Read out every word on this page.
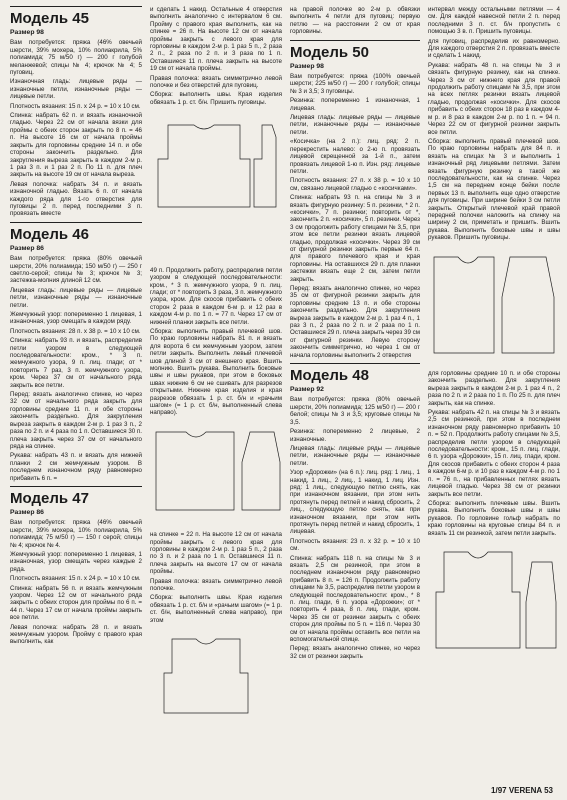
Модель 45
Размер 98

Вам потребуется: пряжа (46% овечьей шерсти, 39% мохера, 10% полиакрила, 5% полиамида; 75 м/50 г) — 200 г голубой меланжевой; спицы № 4; крючок № 4; 5 пуговиц.

Изнаночная гладь: лицевые ряды — изнаночные петли, изнаночные ряды — лицевые петли.

Плотность вязания: 15 п. х 24 р. = 10 х 10 см.

Спинка: набрать 62 п. и вязать изнаночной гладью. Через 22 см от начала вязки для проймы с обеих сторон закрыть по 8 п. = 46 п. На высоте 16 см от начала проймы закрыть для горловины средние 14 п. и обе стороны закончить раздельно. Для закругления выреза закрыть в каждом 2-м р. 1 раз 3 п. и 1 раз 2 п. По 11 п. для плеч закрыть на высоте 19 см от начала выреза.

Левая полочка: набрать 34 п. и вязать изнаночной гладью. Вязать 6 п. от начала каждого ряда для 1-го отверстия для пуговицы 2 п. перед последними 3 п. провязать вместе

Модель 46
Размер 86

Вам потребуется: пряжа (80% овечьей шерсти, 20% полиамида; 150 м/50 г) — 250 г светло-серой; спицы № 3; крючок № 3; застежка-молния длиной 12 см.

Лицевая гладь: лицевые ряды — лицевые петли, изнаночные ряды — изнаночные петли.

Жемчужный узор: попеременно 1 лицевая, 1 изнаночная, узор смещать в каждом ряду.

Плотность вязания: 28 п. х 38 р. = 10 х 10 см.

Спинка: набрать 93 п. и вязать, распределив петли узором в следующей последовательности: кром., * 3 п. жемчужного узора, 9 п. лиц. глади; от * повторить 7 раз, 3 п. жемчужного узора, кром. Через 37 см от начального ряда закрыть все петли.

Перед: вязать аналогично спинке, но через 32 см от начального ряда закрыть для горловины средние 11 п. и обе стороны закончить раздельно. Для закругления выреза закрыть в каждом 2-м р. 1 раз 3 п., 2 раза по 2 п. и 4 раза по 1 п. Оставшиеся 30 п. плеча закрыть через 37 см от начального ряда на спинке.

Рукава: набрать 43 п. и вязать для нижней планки 2 см жемчужным узором. В последнем изнаночном ряду равномерно прибавить 6 п. =

Модель 47
Размер 86

Вам потребуется: пряжа (46% овечьей шерсти, 39% мохера, 10% полиакрила, 5% полиамида; 75 м/50 г) — 150 г серой; спицы № 4; крючок № 4.

Жемчужный узор: попеременно 1 лицевая, 1 изнаночная, узор смещать через каждые 2 ряда.

Плотность вязания: 15 п. х 24 р. = 10 х 10 см.

Спинка: набрать 56 п. и вязать жемчужным узором. Через 12 см от начального ряда закрыть с обеих сторон для проймы по 6 п. = 44 п. Через 17 см от начала проймы закрыть все петли.

Левая полочка: набрать 28 п. и вязать жемчужным узором. Пройму с правого края выполнить, как

и сделать 1 накид. Остальные 4 отверстия выполнить аналогично с интервалом 6 см. Пройму с правого края выполнить, как на спинке = 26 п. На высоте 12 см от начала проймы закрыть с левого края для горловины в каждом 2-м р. 1 раз 5 п., 2 раза 2 п., 2 раза по 2 п. и 3 раза по 1 п. Оставшиеся 11 п. плеча закрыть на высоте 19 см от начала проймы.

Правая полочка: вязать симметрично левой полочке и без отверстий для пуговиц.

Сборка: выполнить швы. Края изделия обвязать 1 р. ст. б/н. Пришить пуговицы.

49 п. Продолжить работу, распределив петли узором в следующей последовательности: кром., * 3 п. жемчужного узора, 9 п. лиц. глади; от * повторить 3 раза, 3 п. жемчужного узора, кром. Для скосов прибавить с обеих сторон 2 раза в каждом 6-м р. и 12 раз в каждом 4-м р. по 1 п. = 77 п. Через 17 см от нижней планки закрыть все петли.

Сборка: выполнить правый плечевой шов. По краю горловины набрать 81 п. и вязать для ворота 6 см жемчужным узором, затем петли закрыть. Выполнить левый плечевой шов длиной 3 см от внешнего края. Вшить молнию. Вшить рукава. Выполнить боковые швы и швы рукавов, при этом в боковых швах нижние 6 см не сшивать для разрезов открытыми. Нижние края изделия и края разрезов обвязать 1 р. ст. б/н и «рачьим шагом» (= 1 р. ст. б/н, выполненный слева направо).

на спинке = 22 п. На высоте 12 см от начала проймы закрыть с левого края для горловины в каждом 2-м р. 1 раз 5 п., 2 раза по 3 п. и 2 раза по 1 п. Оставшиеся 11 п. плеча закрыть на высоте 17 см от начала проймы.

Правая полочка: вязать симметрично левой полочке.

Сборка: выполнить швы. Края изделия обвязать 1 р. ст. б/н и «рачьим шагом» (= 1 р. ст. б/н, выполненный слева направо), при этом

на правой полочке во 2-м р. обвязки выполнить 4 петли для пуговиц: первую петлю — на расстоянии 2 см от края горловины.

Модель 50
Размер 98

Вам потребуется: пряжа (100% овечьей шерсти; 225 м/50 г) — 200 г голубой; спицы № 3 и 3,5; 3 пуговицы.

Резинка: попеременно 1 изнаночная, 1 лицевая.

Лицевая гладь: лицевые ряды — лицевые петли, изнаночные ряды — изнаночные петли.

«Косичка» (на 2 п.): лиц. ряд: 2 п. перекрестить налево: о 2-ю п. провязать лицевой скрещенной за 1-й п., затем провязать лицевой 1-ю п. Изн. ряд: лицевые петли.

Плотность вязания: 27 п. х 38 р. = 10 х 10 см, связано лицевой гладью с «косичками».

Спинка: набрать 93 п. на спицы № 3 и вязать фигурную резинку: 5 п. резинки, * 2 п. «косички», 7 п. резинки; повторить от *, закончить 2 п. «косички», 5 п. резинки. Через 3 см продолжить работу спицами № 3,5, при этом все петли резинки вязать лицевой гладью, продолжая «косички». Через 39 см от фигурной резинки закрыть первые 64 п. для правого плечевого края и края горловины. На оставшихся 29 п. для планки застежки вязать еще 2 см, затем петли закрыть.

Перед: вязать аналогично спинке, но через 35 см от фигурной резинки закрыть для горловины средние 13 п. и обе стороны закончить раздельно. Для закругления выреза закрыть в каждом 2-м р. 1 раз 4 п., 1 раз 3 п., 2 раза по 2 п. и 2 раза по 1 п. Оставшиеся 29 п. плеча закрыть через 39 см от фигурной резинки. Левую сторону закончить симметрично, но через 1 см от начала горловины выполнить 2 отверстия

Модель 48
Размер 92

Вам потребуется: пряжа (80% овечьей шерсти, 20% полиамида; 125 м/50 г) — 200 г белой; спицы № 3 и 3,5; круговые спицы № 3,5.

Резинка: попеременно 2 лицевые, 2 изнаночные.

Лицевая гладь: лицевые ряды — лицевые петли, изнаночные ряды — изнаночные петли.

Узор «Дорожки» (на 6 п.): лиц. ряд: 1 лиц., 1 накид, 1 лиц., 2 лиц., 1 накид, 1 лиц. Изн. ряд: 1 лиц., следующую петлю снять, как при изнаночном вязании, при этом нить протянуть перед петлей и накид сбросить, 2 лиц., следующую петлю снять, как при изнаночном вязании, при этом нить протянуть перед петлей и накид сбросить, 1 лицевая.

Плотность вязания: 23 п. х 32 р. = 10 х 10 см.

Спинка: набрать 118 п. на спицы № 3 и вязать 2,5 см резинкой, при этом в последнем изнаночном ряду равномерно прибавить 8 п. = 126 п. Продолжить работу спицами № 3,5, распределив петли узором в следующей последовательности: кром., * 8 п. лиц. глади, 6 п. узора «Дорожки»; от * повторить 4 раза, 8 п. лиц. глади, кром. Через 35 см от резинки закрыть с обеих сторон для проймы по 5 п. = 116 п. Через 30 см от начала проймы оставить все петли на вспомогательной спице.

Перед: вязать аналогично спинке, но через 32 см от резинки закрыть

интервал между остальными петлями — 4 см. Для каждой навесной петли 2 п. перед последними 3 п. ст. б/н пропустить с помощью 3 в. п. Пришить пуговицы.

для пуговиц, распределив их равномерно. Для каждого отверстия 2 п. провязать вместе и сделать 1 накид.

Рукава: набрать 48 п. на спицы № 3 и связать фигурную резинку, как на спинке. Через 3 см от нижнего края для правой продолжить работу спицами № 3,5, при этом на всех петлях резинки вязать лицевой гладью, продолжая «косички». Для скосов прибавить с обеих сторон 18 раз в каждом 4-м р. и 8 раз в каждом 2-м р. по 1 п. = 94 п. Через 22 см от фигурной резинки закрыть все петли.

Сборка: выполнить правый плечевой шов. По краю горловины набрать для 84 п. и вязать на спицах № 3 и выполнить 1 изнаночный ряд лицевыми петлями. Затем вязать фигурную резинку в такой же последовательности, как на спинке. Через 1,5 см на переднем конце бейки после первых 13 п. выполнить еще одно отверстие для пуговицы. При ширине бейки 3 см петли закрыть. Открытый плечевой край правой передней полочки наложить на спинку на ширину 2 см, приметать и пришить. Вшить рукава. Выполнить боковые швы и швы рукавов. Пришить пуговицы.

для горловины средние 10 п. и обе стороны закончить раздельно. Для закругления выреза закрыть в каждом 2-м р. 1 раз 4 п., 2 раза по 2 п. и 2 раза по 1 п. По 25 п. для плеч закрыть, как на спинке.

Рукава: набрать 42 п. на спицы № 3 и вязать 2,5 см резинкой, при этом в последнем изнаночном ряду равномерно прибавить 10 п. = 52 п. Продолжить работу спицами № 3,5, распределив петли узором в следующей последовательности: кром., 15 п. лиц. глади, 6 п. узора «Дорожки», 15 п. лиц. глади, кром. Для скосов прибавить с обеих сторон 4 раза в каждом 6-м р. и 10 раз в каждом 4-м р. по 1 п. = 76 п., на прибавленных петлях вязать лицевой гладью. Через 38 см от резинки закрыть все петли.

Сборка: выполнить плечевые швы. Вшить рукава. Выполнить боковые швы и швы рукавов. По горловине гольф набрать по краю горловины на круговые спицы 84 п. и вязать 11 см резинкой, затем петли закрыть.

1/97 VERENA 53
